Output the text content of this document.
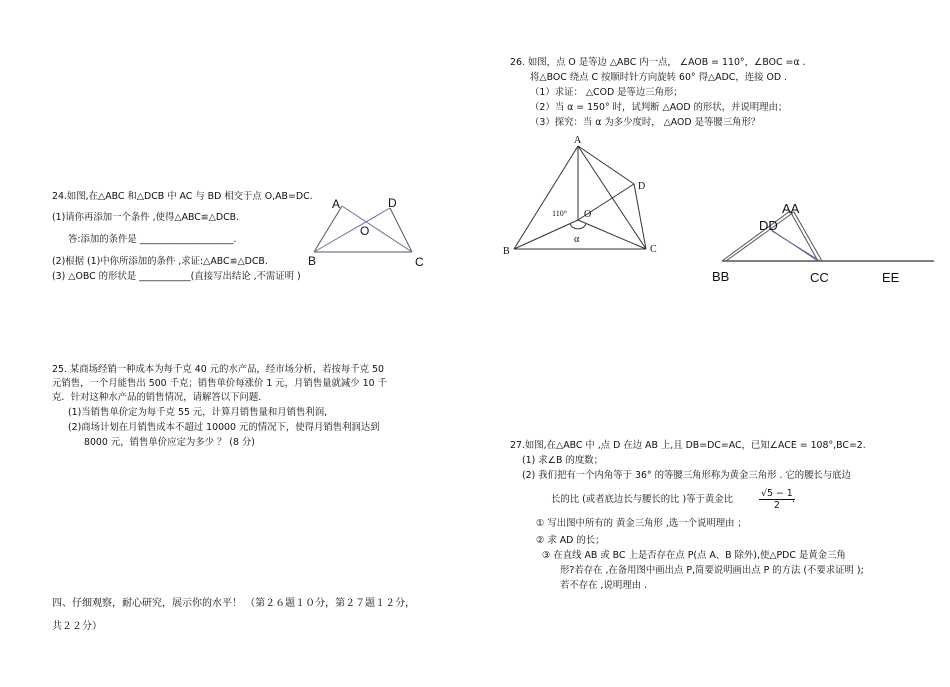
24.如图,在△ABC 和△DCB 中 AC 与 BD 相交于点 O,AB=DC.
(1)请你再添加一个条件 ,使得△ABC≌△DCB.
答:添加的条件是 ____________________.
(2)根据 (1)中你所添加的条件 ,求证:△ABC≌△DCB.
(3) △OBC 的形状是 ___________(直接写出结论 ,不需证明 )
A	D
O
B	C
25. 某商场经销一种成本为每千克 40 元的水产品，经市场分析，若按每千克 50
元销售，一个月能售出 500 千克；销售单价每涨价 1 元，月销售量就减少 10 千
克．针对这种水产品的销售情况，请解答以下问题.
(1)当销售单价定为每千克 55 元，计算月销售量和月销售利润,
(2)商场计划在月销售成本不超过 10000 元的情况下，使得月销售利润达到
8000 元，销售单价应定为多少 ？ (8 分)
四、仔细观察，耐心研究，展示你的水平！ （第２６题１０分，第２７题１２分，
共２２分）
26. 如图，点 O 是等边 △ABC 内一点， ∠AOB = 110°，∠BOC =α .
将△BOC 绕点 C 按顺时针方向旋转 60° 得△ADC，连接 OD .
（1）求证： △COD 是等边三角形；
（2）当 α = 150° 时，试判断 △AOD 的形状，并说明理由；
（3）探究：当 α 为多少度时， △AOD 是等腰三角形？
A
B	C
D
O
110°
α
AA
DD
BB	CC	EE
27.如图,在△ABC 中 ,点 D 在边 AB 上,且 DB=DC=AC，已知∠ACE = 108°,BC=2.
(1) 求∠B 的度数；
(2) 我们把有一个内角等于 36° 的等腰三角形称为黄金三角形 . 它的腰长与底边
长的比 (或者底边长与腰长的比 )等于黄金比	$\frac{√5 - 1}{2}$
.
① 写出图中所有的 黄金三角形 ,选一个说明理由 ；
② 求 AD 的长；
③ 在直线 AB 或 BC 上是否存在点 P(点 A、B 除外),使△PDC 是黄金三角
形?若存在 ,在备用图中画出点 P,简要说明画出点 P 的方法 (不要求证明 );
若不存在 ,说明理由 .
